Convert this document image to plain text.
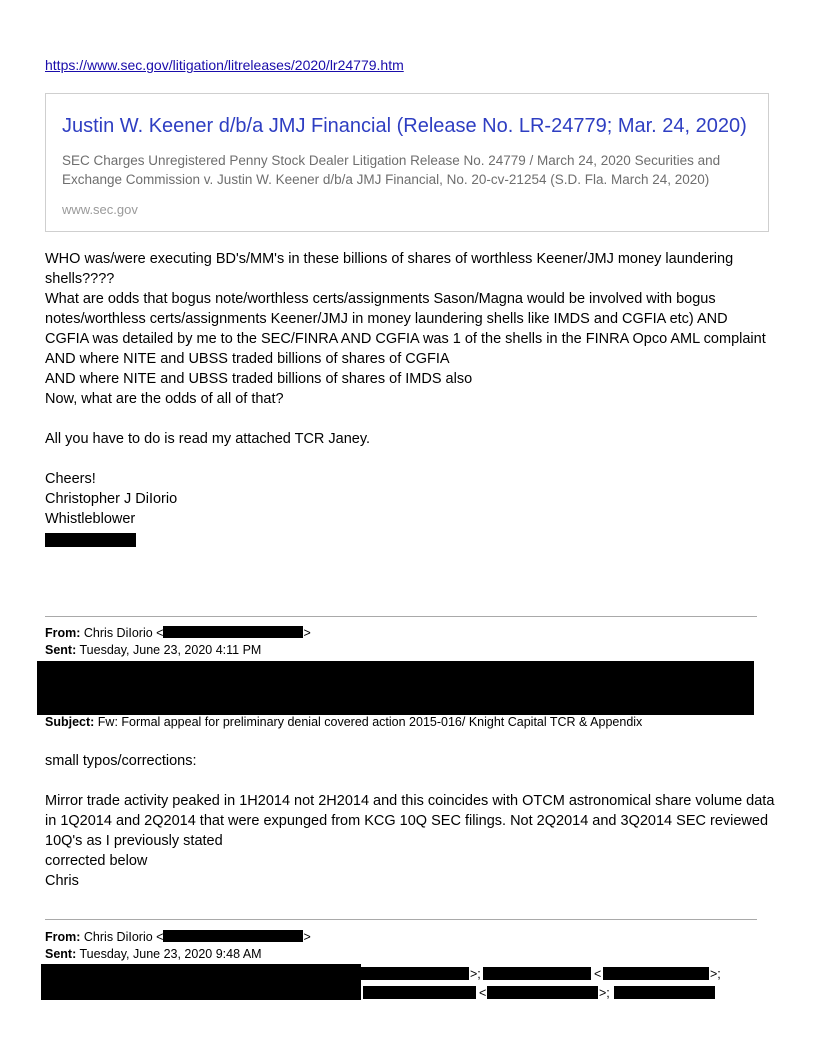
https://www.sec.gov/litigation/litreleases/2020/lr24779.htm
Justin W. Keener d/b/a JMJ Financial (Release No. LR-24779; Mar. 24, 2020)
SEC Charges Unregistered Penny Stock Dealer Litigation Release No. 24779 / March 24, 2020 Securities and Exchange Commission v. Justin W. Keener d/b/a JMJ Financial, No. 20-cv-21254 (S.D. Fla. March 24, 2020)
www.sec.gov
WHO was/were executing BD's/MM's in these billions of shares of worthless Keener/JMJ money laundering shells????
What are odds that bogus note/worthless certs/assignments Sason/Magna would be involved with bogus notes/worthless certs/assignments Keener/JMJ in money laundering shells like IMDS and CGFIA etc) AND CGFIA was detailed by me to the SEC/FINRA AND CGFIA was 1 of the shells in the FINRA Opco AML complaint
AND where NITE and UBSS traded billions of shares of CGFIA
AND where NITE and UBSS traded billions of shares of IMDS also
Now, what are the odds of all of that?
All you have to do is read my attached TCR Janey.
Cheers!
Christopher J DiIorio
Whistleblower
From: Chris DiIorio <	>
Sent: Tuesday, June 23, 2020 4:11 PM
Subject: Fw: Formal appeal for preliminary denial covered action 2015-016/ Knight Capital TCR & Appendix
small typos/corrections:
Mirror trade activity peaked in 1H2014 not 2H2014 and this coincides with OTCM astronomical share volume data in 1Q2014 and 2Q2014 that were expunged from KCG 10Q SEC filings. Not 2Q2014 and 3Q2014 SEC reviewed 10Q's as I previously stated
corrected below
Chris
From: Chris DiIorio <	>
Sent: Tuesday, June 23, 2020 9:48 AM
>;	<	>;
<	>;
